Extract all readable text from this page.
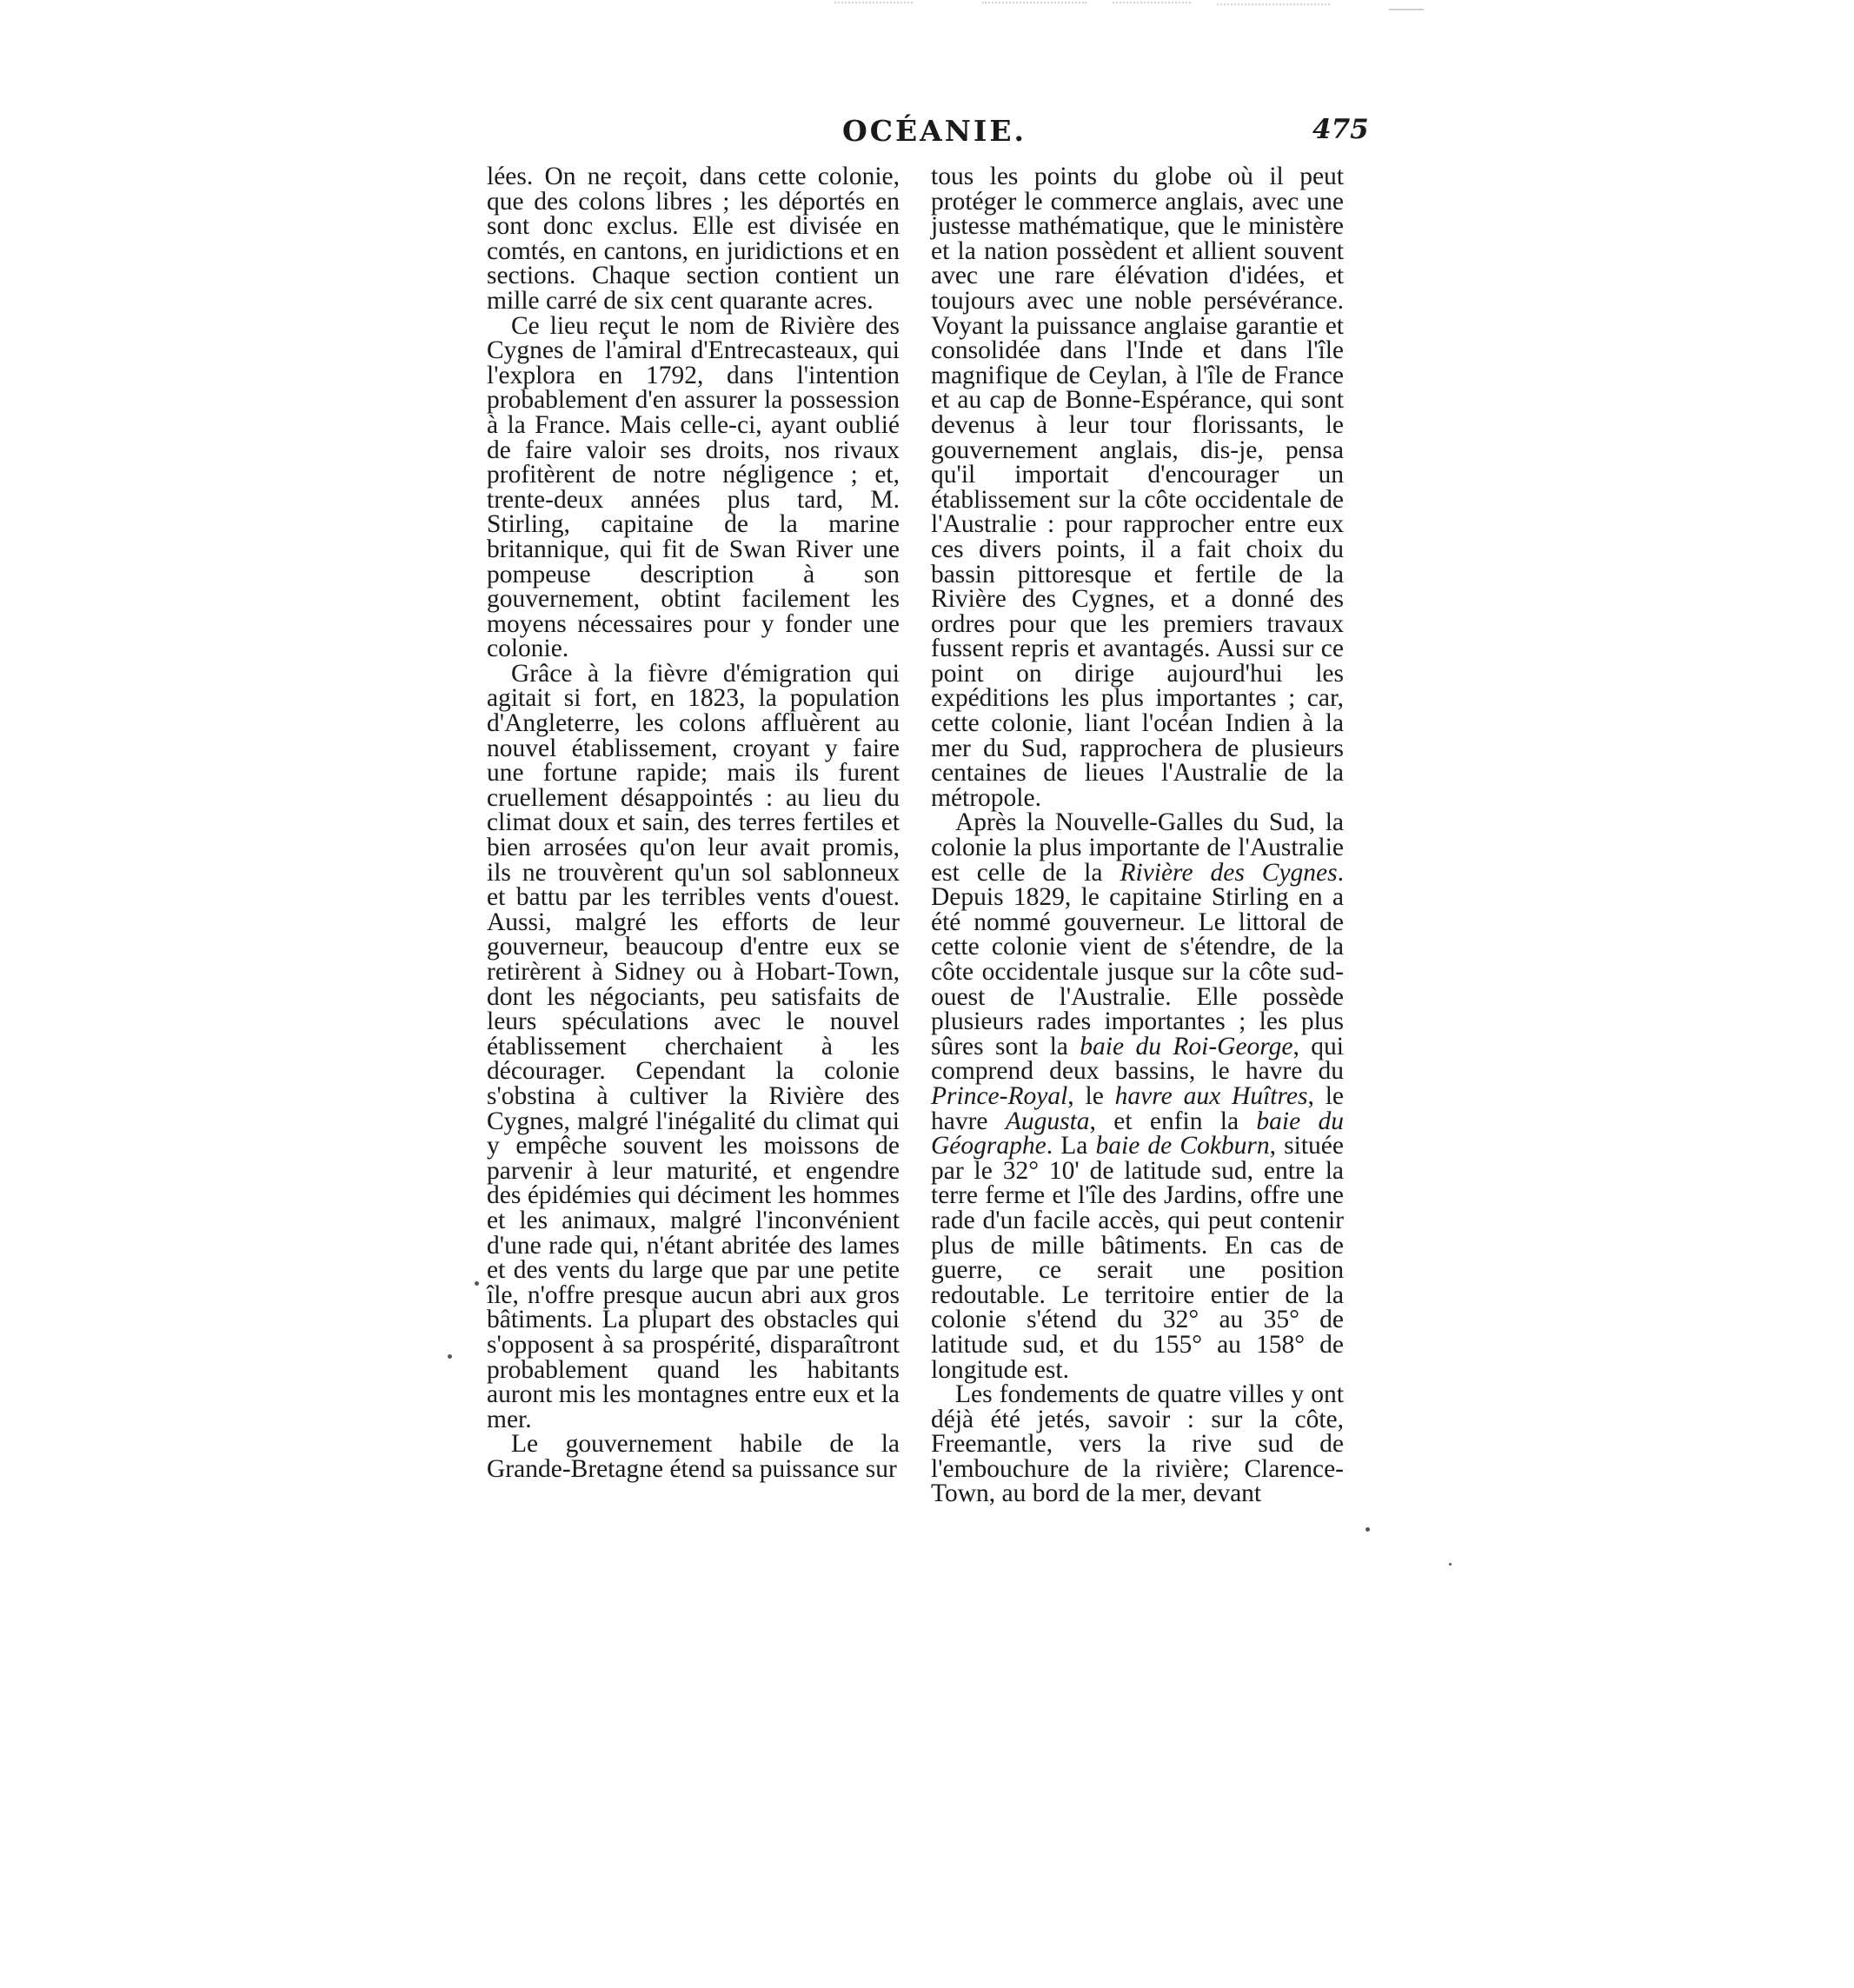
OCÉANIE.	475

lées. On ne reçoit, dans cette colonie, que des colons libres ; les déportés en sont donc exclus. Elle est divisée en comtés, en cantons, en juridictions et en sections. Chaque section contient un mille carré de six cent quarante acres.

Ce lieu reçut le nom de Rivière des Cygnes de l'amiral d'Entrecasteaux, qui l'explora en 1792, dans l'intention probablement d'en assurer la possession à la France. Mais celle-ci, ayant oublié de faire valoir ses droits, nos rivaux profitèrent de notre négligence ; et, trente-deux années plus tard, M. Stirling, capitaine de la marine britannique, qui fit de Swan River une pompeuse description à son gouvernement, obtint facilement les moyens nécessaires pour y fonder une colonie.

Grâce à la fièvre d'émigration qui agitait si fort, en 1823, la population d'Angleterre, les colons affluèrent au nouvel établissement, croyant y faire une fortune rapide; mais ils furent cruellement désappointés : au lieu du climat doux et sain, des terres fertiles et bien arrosées qu'on leur avait promis, ils ne trouvèrent qu'un sol sablonneux et battu par les terribles vents d'ouest. Aussi, malgré les efforts de leur gouverneur, beaucoup d'entre eux se retirèrent à Sidney ou à Hobart-Town, dont les négociants, peu satisfaits de leurs spéculations avec le nouvel établissement cherchaient à les décourager. Cependant la colonie s'obstina à cultiver la Rivière des Cygnes, malgré l'inégalité du climat qui y empêche souvent les moissons de parvenir à leur maturité, et engendre des épidémies qui déciment les hommes et les animaux, malgré l'inconvénient d'une rade qui, n'étant abritée des lames et des vents du large que par une petite île, n'offre presque aucun abri aux gros bâtiments. La plupart des obstacles qui s'opposent à sa prospérité, disparaîtront probablement quand les habitants auront mis les montagnes entre eux et la mer.

Le gouvernement habile de la Grande-Bretagne étend sa puissance sur

tous les points du globe où il peut protéger le commerce anglais, avec une justesse mathématique, que le ministère et la nation possèdent et allient souvent avec une rare élévation d'idées, et toujours avec une noble persévérance. Voyant la puissance anglaise garantie et consolidée dans l'Inde et dans l'île magnifique de Ceylan, à l'île de France et au cap de Bonne-Espérance, qui sont devenus à leur tour florissants, le gouvernement anglais, dis-je, pensa qu'il importait d'encourager un établissement sur la côte occidentale de l'Australie : pour rapprocher entre eux ces divers points, il a fait choix du bassin pittoresque et fertile de la Rivière des Cygnes, et a donné des ordres pour que les premiers travaux fussent repris et avantagés. Aussi sur ce point on dirige aujourd'hui les expéditions les plus importantes ; car, cette colonie, liant l'océan Indien à la mer du Sud, rapprochera de plusieurs centaines de lieues l'Australie de la métropole.

Après la Nouvelle-Galles du Sud, la colonie la plus importante de l'Australie est celle de la Rivière des Cygnes. Depuis 1829, le capitaine Stirling en a été nommé gouverneur. Le littoral de cette colonie vient de s'étendre, de la côte occidentale jusque sur la côte sud-ouest de l'Australie. Elle possède plusieurs rades importantes ; les plus sûres sont la baie du Roi-George, qui comprend deux bassins, le havre du Prince-Royal, le havre aux Huîtres, le havre Augusta, et enfin la baie du Géographe. La baie de Cokburn, située par le 32° 10' de latitude sud, entre la terre ferme et l'île des Jardins, offre une rade d'un facile accès, qui peut contenir plus de mille bâtiments. En cas de guerre, ce serait une position redoutable. Le territoire entier de la colonie s'étend du 32° au 35° de latitude sud, et du 155° au 158° de longitude est.

Les fondements de quatre villes y ont déjà été jetés, savoir : sur la côte, Freemantle, vers la rive sud de l'embouchure de la rivière; Clarence-Town, au bord de la mer, devant
